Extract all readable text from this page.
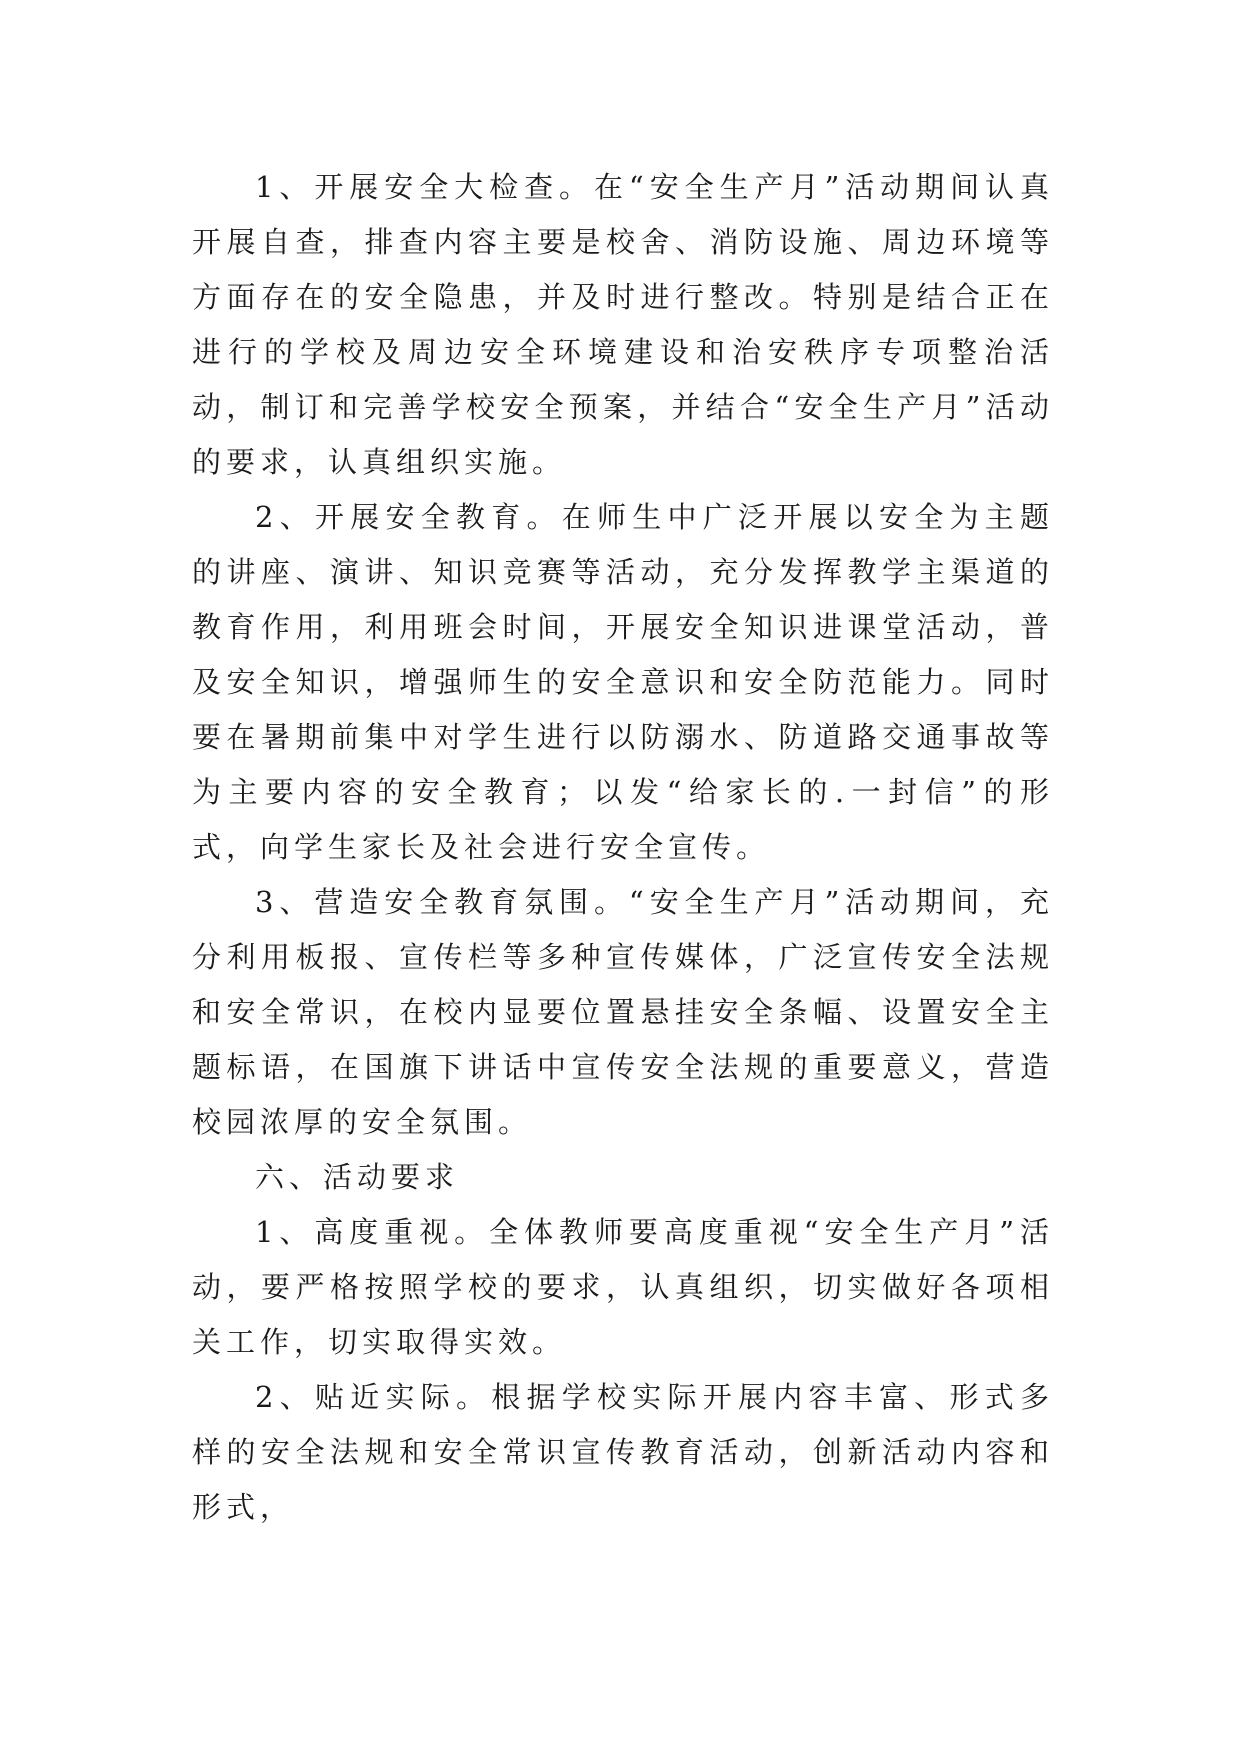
1、开展安全大检查。在“安全生产月”活动期间认真开展自查，排查内容主要是校舍、消防设施、周边环境等方面存在的安全隐患，并及时进行整改。特别是结合正在进行的学校及周边安全环境建设和治安秩序专项整治活动，制订和完善学校安全预案，并结合“安全生产月”活动的要求，认真组织实施。

2、开展安全教育。在师生中广泛开展以安全为主题的讲座、演讲、知识竞赛等活动，充分发挥教学主渠道的教育作用，利用班会时间，开展安全知识进课堂活动，普及安全知识，增强师生的安全意识和安全防范能力。同时要在暑期前集中对学生进行以防溺水、防道路交通事故等为主要内容的安全教育；以发“给家长的.一封信”的形式，向学生家长及社会进行安全宣传。

3、营造安全教育氛围。“安全生产月”活动期间，充分利用板报、宣传栏等多种宣传媒体，广泛宣传安全法规和安全常识，在校内显要位置悬挂安全条幅、设置安全主题标语，在国旗下讲话中宣传安全法规的重要意义，营造校园浓厚的安全氛围。

六、活动要求

1、高度重视。全体教师要高度重视“安全生产月”活动，要严格按照学校的要求，认真组织，切实做好各项相关工作，切实取得实效。

2、贴近实际。根据学校实际开展内容丰富、形式多样的安全法规和安全常识宣传教育活动，创新活动内容和形式，
